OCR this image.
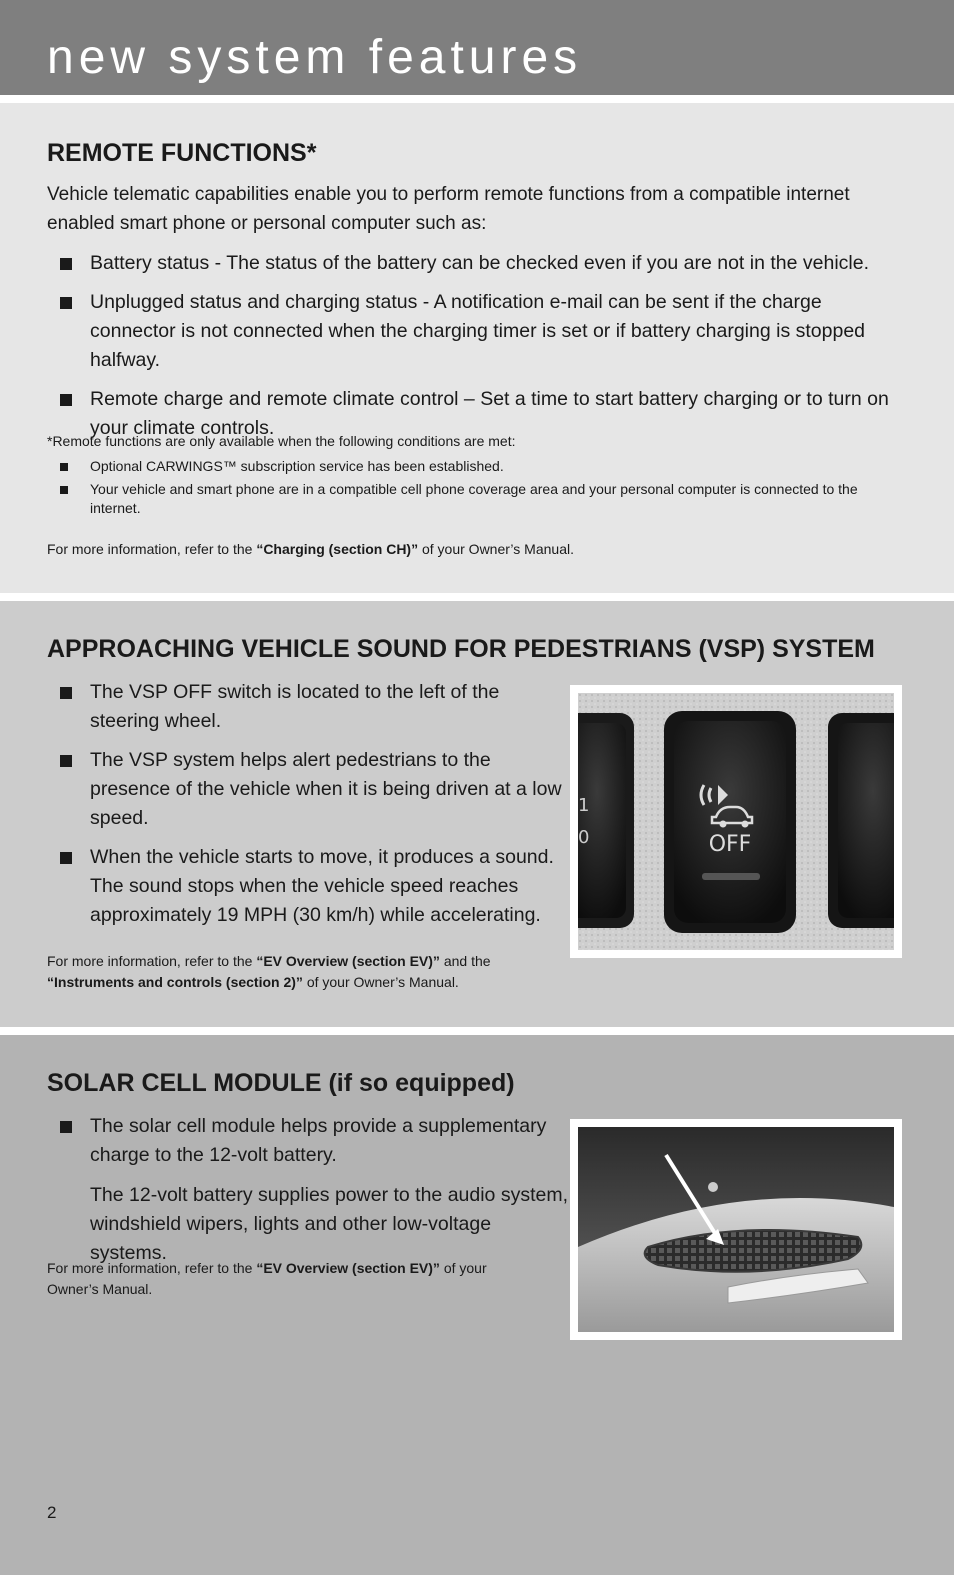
new system features
REMOTE FUNCTIONS*
Vehicle telematic capabilities enable you to perform remote functions from a compatible internet enabled smart phone or personal computer such as:
Battery status - The status of the battery can be checked even if you are not in the vehicle.
Unplugged status and charging status - A notification e-mail can be sent if the charge connector is not connected when the charging timer is set or if battery charging is stopped halfway.
Remote charge and remote climate control – Set a time to start battery charging or to turn on your climate controls.
*Remote functions are only available when the following conditions are met:
Optional CARWINGS™ subscription service has been established.
Your vehicle and smart phone are in a compatible cell phone coverage area and your personal computer is connected to the internet.
For more information, refer to the “Charging (section CH)” of your Owner’s Manual.
APPROACHING VEHICLE SOUND FOR PEDESTRIANS (VSP) SYSTEM
The VSP OFF switch is located to the left of the steering wheel.
The VSP system helps alert pedestrians to the presence of the vehicle when it is being driven at a low speed.
When the vehicle starts to move, it produces a sound. The sound stops when the vehicle speed reaches approximately 19 MPH (30 km/h) while accelerating.
For more information, refer to the “EV Overview (section EV)” and the “Instruments and controls (section 2)” of your Owner’s Manual.
1
0	OFF
SOLAR CELL MODULE (if so equipped)
The solar cell module helps provide a supplementary charge to the 12-volt battery.
The 12-volt battery supplies power to the audio system, windshield wipers, lights and other low-voltage systems.
For more information, refer to the “EV Overview (section EV)” of your Owner’s Manual.
2
